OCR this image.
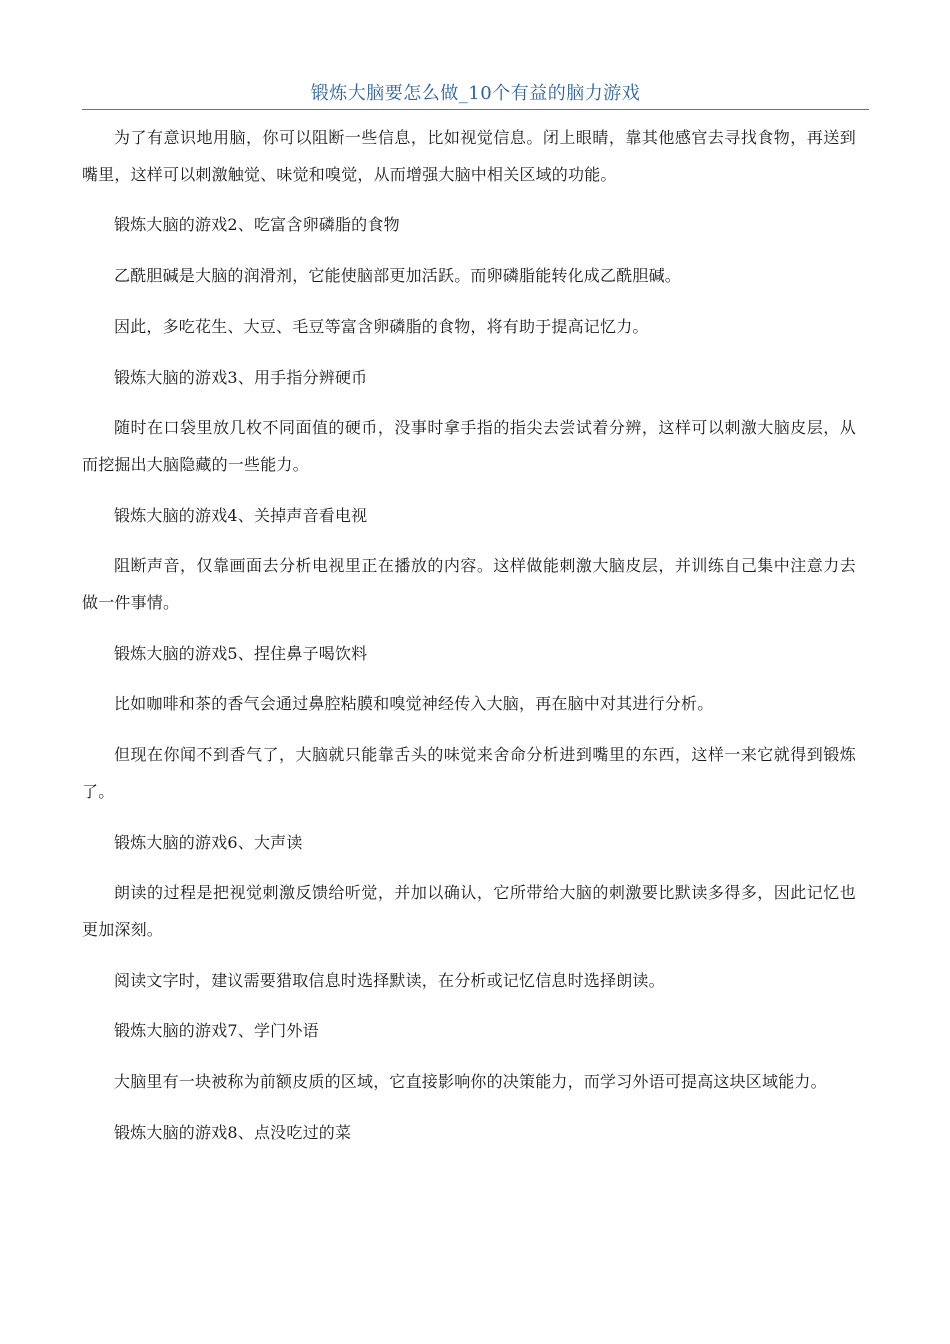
锻炼大脑要怎么做_10个有益的脑力游戏

为了有意识地用脑，你可以阻断一些信息，比如视觉信息。闭上眼睛，靠其他感官去寻找食物，再送到嘴里，这样可以刺激触觉、味觉和嗅觉，从而增强大脑中相关区域的功能。

锻炼大脑的游戏2、吃富含卵磷脂的食物

乙酰胆碱是大脑的润滑剂，它能使脑部更加活跃。而卵磷脂能转化成乙酰胆碱。

因此，多吃花生、大豆、毛豆等富含卵磷脂的食物，将有助于提高记忆力。

锻炼大脑的游戏3、用手指分辨硬币

随时在口袋里放几枚不同面值的硬币，没事时拿手指的指尖去尝试着分辨，这样可以刺激大脑皮层，从而挖掘出大脑隐藏的一些能力。

锻炼大脑的游戏4、关掉声音看电视

阻断声音，仅靠画面去分析电视里正在播放的内容。这样做能刺激大脑皮层，并训练自己集中注意力去做一件事情。

锻炼大脑的游戏5、捏住鼻子喝饮料

比如咖啡和茶的香气会通过鼻腔粘膜和嗅觉神经传入大脑，再在脑中对其进行分析。

但现在你闻不到香气了，大脑就只能靠舌头的味觉来舍命分析进到嘴里的东西，这样一来它就得到锻炼了。

锻炼大脑的游戏6、大声读

朗读的过程是把视觉刺激反馈给听觉，并加以确认，它所带给大脑的刺激要比默读多得多，因此记忆也更加深刻。

阅读文字时，建议需要猎取信息时选择默读，在分析或记忆信息时选择朗读。

锻炼大脑的游戏7、学门外语

大脑里有一块被称为前额皮质的区域，它直接影响你的决策能力，而学习外语可提高这块区域能力。

锻炼大脑的游戏8、点没吃过的菜
